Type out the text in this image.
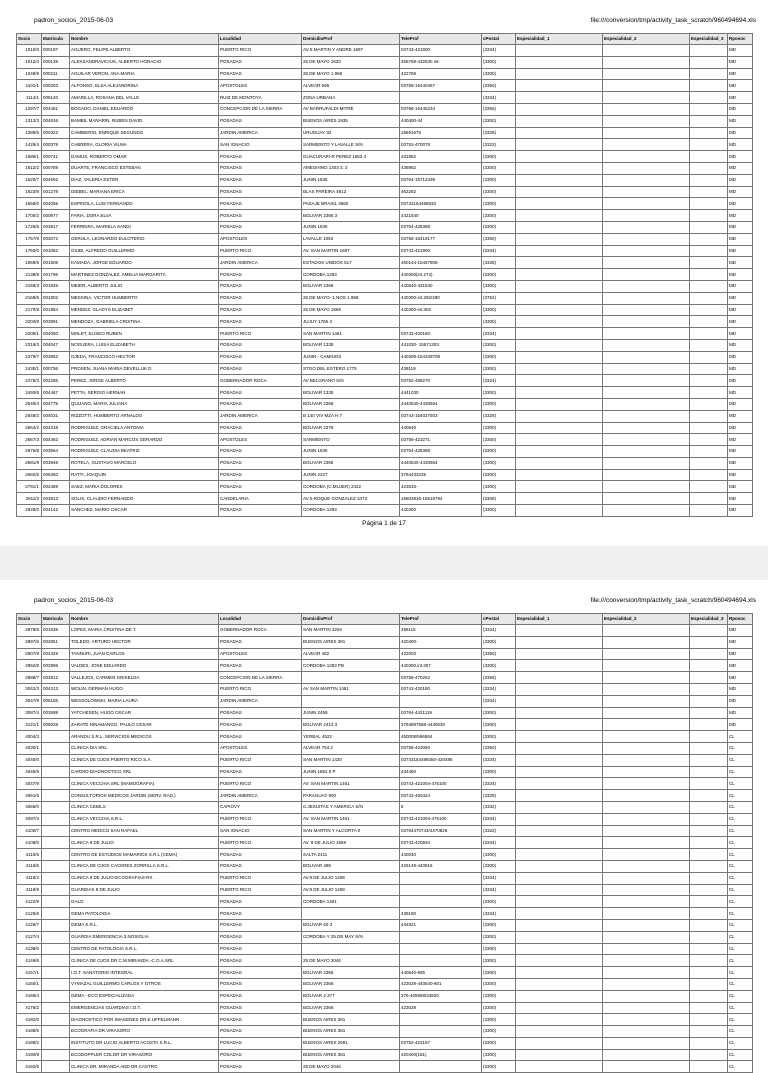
padron_socios_2015-06-03	file:///conversion/tmp/activity_task_scratch/960494694.xls
Socio	Matricula	Nombre	Localidad	DomicilioProf	TeleProf	cPostal	Especialidad_1	Especialidad_2	Especialidad_3	Rposoc
1010/0	000197	AGUERO, FELIPE ALBERTO	PUERTO RICO	AV.S.MARTIN Y ANDRE 1697	03743-421900	(3334)				MD
1012/4	000135	ALEKSANDRAVICIUS, ALBERTO HORACIO	POSADAS	25 DE MAYO 1620	456759-432530 int-	(3300)				MD
1048/9	000211	AGUILAR VERON, ANA MARIA	POSADAS	25 DE MAYO 1.968	422768	(3300)				MD
1101/1	000263	ALFONSO, ELSA ALEJANDRINA	APOSTOLES	ALVEAR 596	03758-15440467	(3350)				MD
1114/1	005140	AMARILLA, ROSANA DEL VALLE	RUIZ DE MONTOYA	ZONA URBANA		(3334)				MD
1297/7	004481	BOGADO, DANIEL EDUARDO	CONCEPCION DE LA SIERRA	AV BARRUFALDI-MITRE	03758-15445234	(3355)				MD
1312/3	004916	BAMBIL MANARIN, RUBEN DAVID	POSADAS	BUENOS AIRES 1935	440400-44	(3300)				MD
1389/5	000322	CAMBIERIO, ENRIQUE SEGUNDO	JARDIN AMERICA	URUGUAY 32	15691675	(3328)				MD
1429/4	000379	CABRERA, GLORIA VILMA	SAN IGNACIO	SARMIENTO Y LAVALLE S/N	03752-470078	(3322)				MD
1589/1	000741	DAMUS, ROBERTO OMAR	POSADAS	GUACURARI-R PEREZ 1653 3	431962	(3300)				MD
1612/2	000789	DUARTE, FRANCISCO ESTEBAN	POSADAS	AMEGHINO 1403 3. 2	436962	(3300)				MD
1620/7	004592	DIAZ, VALERIA ESTER	POSADAS	JUNIN 1835	03764-15712439	(3300)				MD
1623/8	001278	DIEBEL, MARIANA ERICA	POSADAS	BLAS PAREIRA 4912	462262	(3300)				MD
1658/0	004055	ESPINOLA, LUIS FERNANDO	POSADAS	PASAJE BRASIL 3660	03743154488933	(3300)				MD
1700/2	000977	FARIA, DORA ELVA	POSADAS	BOLIVAR 2366 3	4421540	(3300)				MD
1725/5	003917	FERREIRA, MARIELA SANDI	POSADAS	JUNIN 1835	03764-428388	(3300)				MD
1757/6	003072	GERULA, LEONARDO EULOTERIO	APOSTOLES	LAVALLE 1053	03758-15419177	(3350)				MD
1760/0	001082	GIUBI, ALFREDO GUILLERMO	PUERTO RICO	AV. SAN MARTIN 1697	03743-421900	(3334)				MD
1959/6	001506	KAMADA, JORGE EDUARDO	JARDIN AMERICA	ESTADOS UNIDOS 517	460144-15457805-	(3328)				MD
2138/8	001796	MARTINEZ GONZALEZ, AMELIA MARGARITA	POSADAS	CORDOBA 1293	440300(int.274)	(3300)				MD
2159/3	001826	MEIER, ALBERTO JULIO	POSADAS	BOLIVAR 2366	440540-421540	(3300)				MD
2168/5	001802	MESSINA, VICTOR HUMBERTO	POSADAS	25 DE MAYO- 1.NOS 1.968	440300-int.292/280	(3752)				MD
2170/8	001884	MENDEZ, GLADYS ELIZABET	POSADAS	25 DE MAYO 1968	440300-int.302	(3300)				MD
2203/9	003991	MENDOZA, GABRIELA CRISTINA	POSADAS	JUJUY 1765 3		(3300)				MD
2209/1	004050	MOLET, ELISEO RUBEN	PUERTO RICO	SAN MARTIN 1461	03743-420180	(3334)				MD
2319/3	004047	NOGUERA, LUISA ELIZABETH	POSADAS	BOLIVAR 1335	441030- 15571303	(3300)				MD
2379/7	003852	OJEDA, FRANCISCO HECTOR	POSADAS	JUNIN - CAMINOS	440309-154349708	(3300)				MD
2430/1	000756	PROSEN, JUANA MARIA DEVELLUK D	POSADAS	STGO.DEL ESTERO 1775	438119	(3300)				MD
2478/3	002286	PEREZ, JORGE ALBERTO	GOBERNADOR ROCA	AV BELGRANO S/N	03752-498270	(3324)				MD
2493/6	004467	PETTA, SERGIO HERNAN	POSADAS	BOLIVAR 1335	4441030	(3300)				MD
2549/4	004775	QUIJANO, MARIA JULIANA	POSADAS	BOLIVAR 2366	4440540-4430564	(3300)				MD
2648/2	004031	RIZZOTTI, HUMBERTO ARNALDO	JARDIN AMERICA	B 140 VIV MZA H 7	03743-154027503	(3328)				MD
2664/2	004318	RODRIGUEZ, GRACIELA ANTONIA	POSADAS	BOLIVAR 2376	440540	(3300)				MD
2667/3	004482	RODRIGUEZ, ADRIAN MARCOS GERARDO	APOSTOLES	SARMIENTO	03758-423271	(3350)				MD
2675/8	003564	RODRIGUEZ, CLAUDIA BEATRIZ	POSADAS	JUNIN 1835	03764-428388	(3300)				MD
2681/9	003946	ROTELA, GUSTAVO MARCELO	POSADAS	BOLIVAR 2366	4440540-4430564	(3300)				MD
2682/6	005350	RATTI, JOAQUIN	POSADAS	JUNIN 2227	3764433225	(3300)				MD
2791/1	002489	SAEZ, MARIA DOLORES	POSADAS	CORDOBA (C.MUJER) 2422	423533-	(3300)				MD
2811/2	003913	SOLIS, CLAUDIO FERNANDO	CANDELARIA	AV.S.ROQUE GONZALEZ 1073	15602816-15619794	(3308)				MD
2828/0	004142	SANCHEZ, MARIO OSCAR	POSADAS	CORDOBA 1293	440300	(3300)				MD
Página 1 de 17
padron_socios_2015-06-03	file:///conversion/tmp/activity_task_scratch/960494694.xls
Socio	Matricula	Nombre	Localidad	DomicilioProf	TeleProf	cPostal	Especialidad_1	Especialidad_2	Especialidad_3	Rposoc
2878/5	001635	LOPEZ, MARIA CRISTINA DE T.	GOBERNADOR ROCA	SAN MARTIN 3204	498115	(3324)				MD
2897/6	002851	TOLEDO, ARTURO HECTOR	POSADAS	BUENOS AIRES 381	420400-	(3300)				MD
2907/8	004429	TANNURI, JUAN CARLOS	APOSTOLES	ALVEAR 462	422003	(3350)				MD
2952/8	002998	VALDES, JOSE EDUARDO	POSADAS	CORDOBA 1293 PB	440300,int.307	(3300)				MD
2988/7	003912	VALLEJOS, CARMEN GRISELDA	CONCEPCION DE LA SIERRA		03758-470262	(3355)				MD
3042/3	004213	WOLIN, GERMAN HUGO	PUERTO RICO	AV SAN MARTIN 1461	03743-420180	(3334)				MD
3047/8	005156	WESSOLOWSKI, MARIA LAURA	JARDIN AMERICA			(3334)				MD
3087/4	003599	YATCHESEN, HUGO OSCAR	POSADAS	JUNIN 2459	03764-4421119	(3300)				MD
3121/1	005028	ZARATE NINAMANGO, PAULO CESAR	POSADAS	BOLIVAR 2413 3	3764897658-4440030	(3300)				MD
4004/2		ARANDU S.R.L. SERVICIOS MEDICOS	POSADAS	YERBAL 4522	450008/596594	(3300)				CL
4030/1		CLINICA DIA SRL	APOSTOLES	ALVEAR 754 2	03758-423050	(3350)				CL
4040/0		CLINICA DE OJOS PUERTO RICO S.A.	PUERTO RICO	SAN MARTIN 1420	03743154498450-420486	(3334)				CL
4045/5		CARDIO-DIAGNOSTICO SRL	POSADAS	JUNIN 1852 6 P	434460	(3300)				CL
4047/9		CLINICA VECCHIA SRL (MAMOGRAFIA)	PUERTO RICO	AV. SAN MARTIN 1461	03743-421004-476100	(3334)				CL
4061/5		CONSULTORIOS MEDICOS JARDIN (SERV. RAD.)	JARDIN AMERICA	PARAGUAY 900	03743-460424	(3328)				CL
4066/0		CLINICA CEBILS	CAPIOVY	C.JESUITAS Y AMERICA S/N	6	(3332)				CL
4097/4		CLINICA VECCHIA S.R.L.	PUERTO RICO	AV. SAN MARTIN 1461	03743-421004-476100	(3334)				CL
4100/7		CENTRO MEDICO SAN RAFAEL	SAN IGNACIO	SAN MARTIN Y ALCORTA 0	03764470743/4470826	(3322)				CL
4109/0		CLINICA 9 DE JULIO	PUERTO RICO	AV. 9 DE JULIO 1669	03743-420934	(3334)				CL
4110/6		CENTRO DE ESTUDIOS MAMARIOS S.R.L (CEMA)	POSADAS	SALTA 2411	440040	(3300)				CL
4116/6		CLINICA DE OJOS CACERES ZORRILLA S.R.L.	POSADAS	BOLIVAR 488	425149-440816	(3300)				CL
4118/2		CLINICA 9 DE JULIO-ECOGRAFIAS-RX	PUERTO RICO	AV.9 DE JULIO 1408		(3334)				CL
4119/9		GUARDIAS 9 DE JULIO	PUERTO RICO	AV.9 DE JULIO 1408		(3334)				CL
4122/9		GALO	POSADAS	CORDOBA 1491		(3300)				CL
4125/6		GEMA PATOLOGIA	POSADAS		439180	(3334)				CL
4126/7		GEMA S.R.L.	POSADAS	BOLIVAR 60 3	434821	(3300)				CL
4127/4		GUARDIA EMERGENCIA 3.NOSIGLIA	POSADAS	CORDOBA Y 25 DE MAY S/N		(3300)				CL
4138/0		CENTRO DE PATOLOGIA S.R.L.	POSADAS			(3300)				CL
4149/6		CLINICA DE OJOS DR.C.M.MIRANDA.-C.O.A.SRL	POSADAS	25 DE MAYO 2046		(3300)				CL
4157/1		I.O.T. SANATORIO INTEGRAL	POSADAS	BOLIVAR 2366	440540-855	(3300)				CL
4160/1		VYMAZAL GUILLERMO CARLOS Y OTROS	POSADAS	BOLIVAR 2366	423029-440540-801	(3300)				CL
4169/4		GEMA - ECO ESPECIALIZADA	POSADAS	BOLIVAR 2.377	376-409588/34820	(3300)				CL
4176/2		EMERGENCIAS GUARDIAS I.O.T.	POSADAS	BOLIVAR 2366	423029	(3300)				CL
4182/0		DIAGNOSTICO POR IMAGENES DR.E.UFFELMANN	POSADAS	BUENOS AIRES 381		(3300)				CL
4188/5		ECOGRAFIA DR.VIRASORO	POSADAS	BUENOS AIRES 381		(3300)				CL
4189/2		INSTITUTO DR.LUCIO ALBERTO ACOSTA S.R.L.	POSADAS	BUENOS AIRES 2591	03752-423157	(3300)				CL
4190/8		ECODOPPLER COLOR DR VIRASORO	POSADAS	BUENOS AIRES 381	420400(181)	(3300)				CL
4192/5		CLINICA DR. MIRANDA AND DR CASTRO	POSADAS	25 DE MAYO 2046		(3300)				CL
